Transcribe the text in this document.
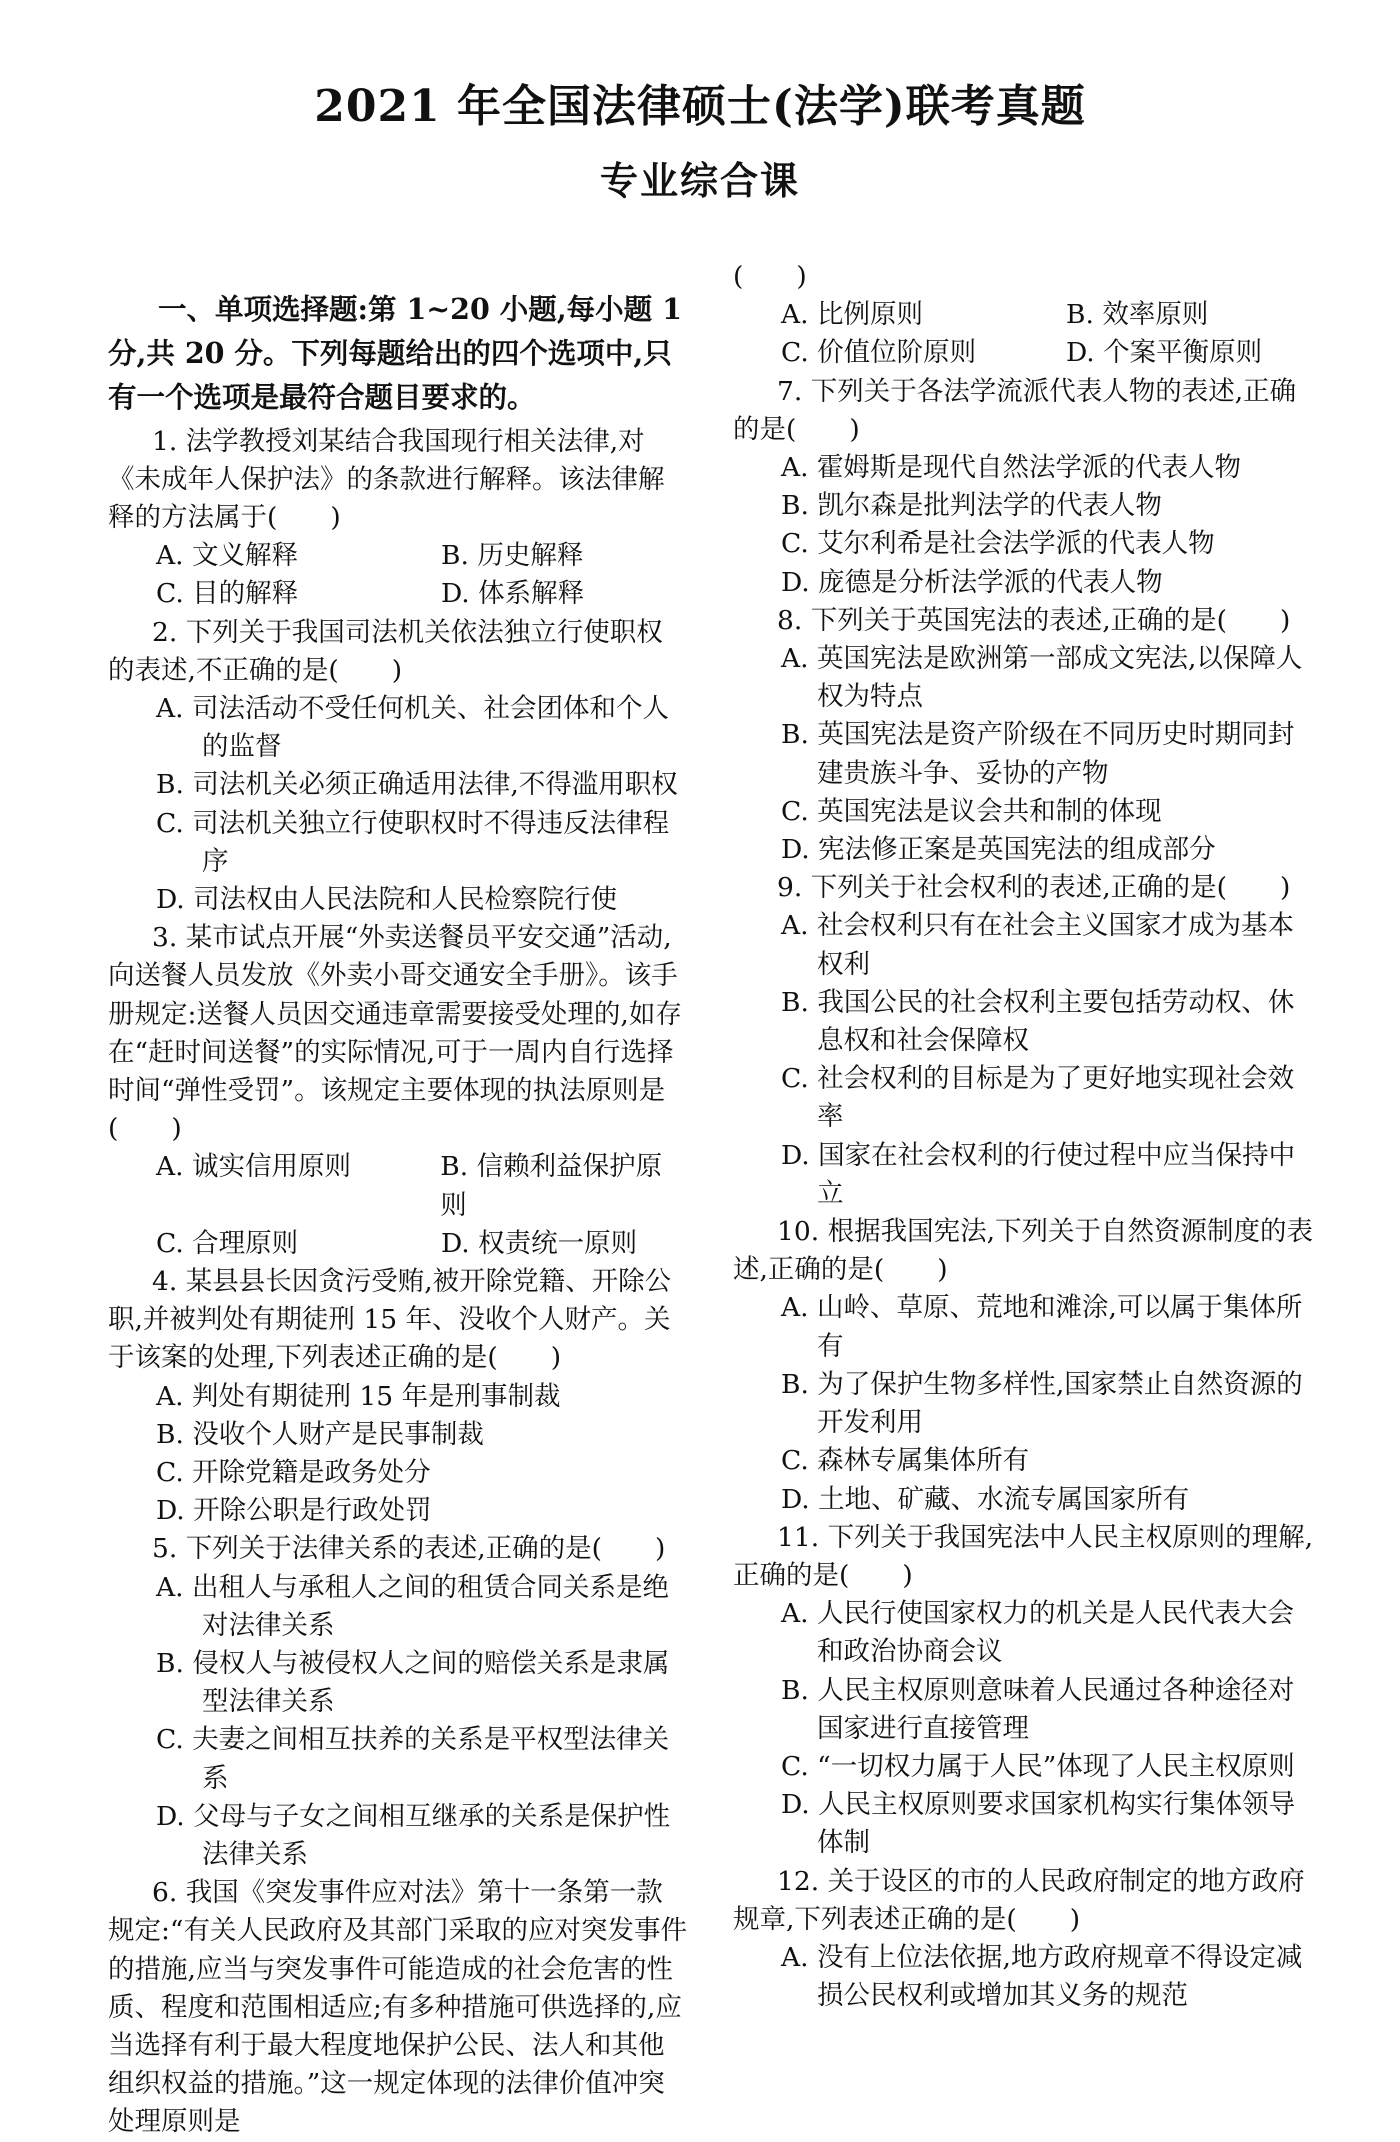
2021 年全国法律硕士(法学)联考真题
专业综合课

一、单项选择题:第 1~20 小题,每小题 1 分,共 20 分。下列每题给出的四个选项中,只有一个选项是最符合题目要求的。

1. 法学教授刘某结合我国现行相关法律,对《未成年人保护法》的条款进行解释。该法律解释的方法属于(　　)

A. 文义解释	B. 历史解释
C. 目的解释	D. 体系解释

2. 下列关于我国司法机关依法独立行使职权的表述,不正确的是(　　)

A. 司法活动不受任何机关、社会团体和个人的监督

B. 司法机关必须正确适用法律,不得滥用职权

C. 司法机关独立行使职权时不得违反法律程序

D. 司法权由人民法院和人民检察院行使

3. 某市试点开展“外卖送餐员平安交通”活动,向送餐人员发放《外卖小哥交通安全手册》。该手册规定:送餐人员因交通违章需要接受处理的,如存在“赶时间送餐”的实际情况,可于一周内自行选择时间“弹性受罚”。该规定主要体现的执法原则是(　　)

A. 诚实信用原则	B. 信赖利益保护原则
C. 合理原则	D. 权责统一原则

4. 某县县长因贪污受贿,被开除党籍、开除公职,并被判处有期徒刑 15 年、没收个人财产。关于该案的处理,下列表述正确的是(　　)

A. 判处有期徒刑 15 年是刑事制裁

B. 没收个人财产是民事制裁

C. 开除党籍是政务处分

D. 开除公职是行政处罚

5. 下列关于法律关系的表述,正确的是(　　)

A. 出租人与承租人之间的租赁合同关系是绝对法律关系

B. 侵权人与被侵权人之间的赔偿关系是隶属型法律关系

C. 夫妻之间相互扶养的关系是平权型法律关系

D. 父母与子女之间相互继承的关系是保护性法律关系

6. 我国《突发事件应对法》第十一条第一款规定:“有关人民政府及其部门采取的应对突发事件的措施,应当与突发事件可能造成的社会危害的性质、程度和范围相适应;有多种措施可供选择的,应当选择有利于最大程度地保护公民、法人和其他组织权益的措施。”这一规定体现的法律价值冲突处理原则是

(　　)

A. 比例原则	B. 效率原则
C. 价值位阶原则	D. 个案平衡原则

7. 下列关于各法学流派代表人物的表述,正确的是(　　)

A. 霍姆斯是现代自然法学派的代表人物

B. 凯尔森是批判法学的代表人物

C. 艾尔利希是社会法学派的代表人物

D. 庞德是分析法学派的代表人物

8. 下列关于英国宪法的表述,正确的是(　　)

A. 英国宪法是欧洲第一部成文宪法,以保障人权为特点

B. 英国宪法是资产阶级在不同历史时期同封建贵族斗争、妥协的产物

C. 英国宪法是议会共和制的体现

D. 宪法修正案是英国宪法的组成部分

9. 下列关于社会权利的表述,正确的是(　　)

A. 社会权利只有在社会主义国家才成为基本权利

B. 我国公民的社会权利主要包括劳动权、休息权和社会保障权

C. 社会权利的目标是为了更好地实现社会效率

D. 国家在社会权利的行使过程中应当保持中立

10. 根据我国宪法,下列关于自然资源制度的表述,正确的是(　　)

A. 山岭、草原、荒地和滩涂,可以属于集体所有

B. 为了保护生物多样性,国家禁止自然资源的开发利用

C. 森林专属集体所有

D. 土地、矿藏、水流专属国家所有

11. 下列关于我国宪法中人民主权原则的理解,正确的是(　　)

A. 人民行使国家权力的机关是人民代表大会和政治协商会议

B. 人民主权原则意味着人民通过各种途径对国家进行直接管理

C. “一切权力属于人民”体现了人民主权原则

D. 人民主权原则要求国家机构实行集体领导体制

12. 关于设区的市的人民政府制定的地方政府规章,下列表述正确的是(　　)

A. 没有上位法依据,地方政府规章不得设定减损公民权利或增加其义务的规范
